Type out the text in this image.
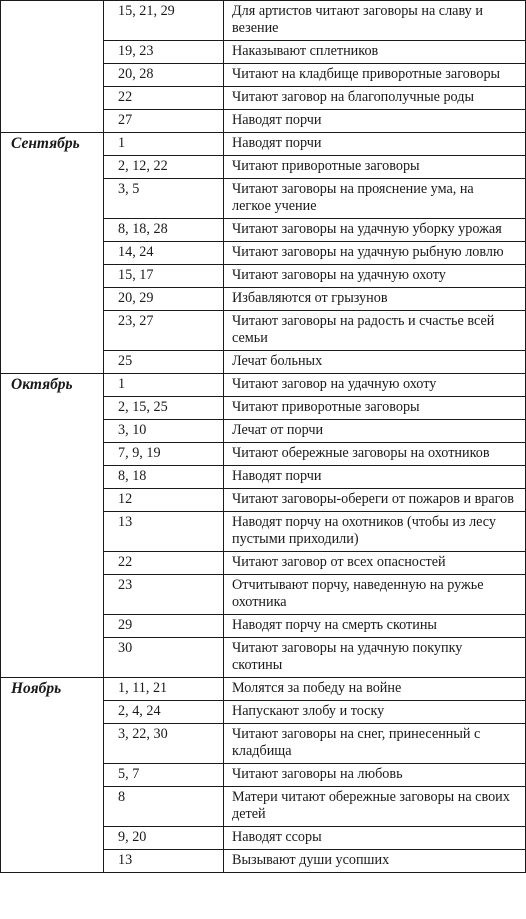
	15, 21, 29	Для артистов читают заговоры на славу и везение
	19, 23	Наказывают сплетников
	20, 28	Читают на кладбище приворотные заговоры
	22	Читают заговор на благополучные роды
	27	Наводят порчи
Сентябрь	1	Наводят порчи
	2, 12, 22	Читают приворотные заговоры
	3, 5	Читают заговоры на прояснение ума, на легкое учение
	8, 18, 28	Читают заговоры на удачную уборку урожая
	14, 24	Читают заговоры на удачную рыбную ловлю
	15, 17	Читают заговоры на удачную охоту
	20, 29	Избавляются от грызунов
	23, 27	Читают заговоры на радость и счастье всей семьи
	25	Лечат больных
Октябрь	1	Читают заговор на удачную охоту
	2, 15, 25	Читают приворотные заговоры
	3, 10	Лечат от порчи
	7, 9, 19	Читают обережные заговоры на охотников
	8, 18	Наводят порчи
	12	Читают заговоры-обереги от пожаров и врагов
	13	Наводят порчу на охотников (чтобы из лесу пустыми приходили)
	22	Читают заговор от всех опасностей
	23	Отчитывают порчу, наведенную на ружье охотника
	29	Наводят порчу на смерть скотины
	30	Читают заговоры на удачную покупку скотины
Ноябрь	1, 11, 21	Молятся за победу на войне
	2, 4, 24	Напускают злобу и тоску
	3, 22, 30	Читают заговоры на снег, принесенный с кладбища
	5, 7	Читают заговоры на любовь
	8	Матери читают обережные заговоры на своих детей
	9, 20	Наводят ссоры
	13	Вызывают души усопших
